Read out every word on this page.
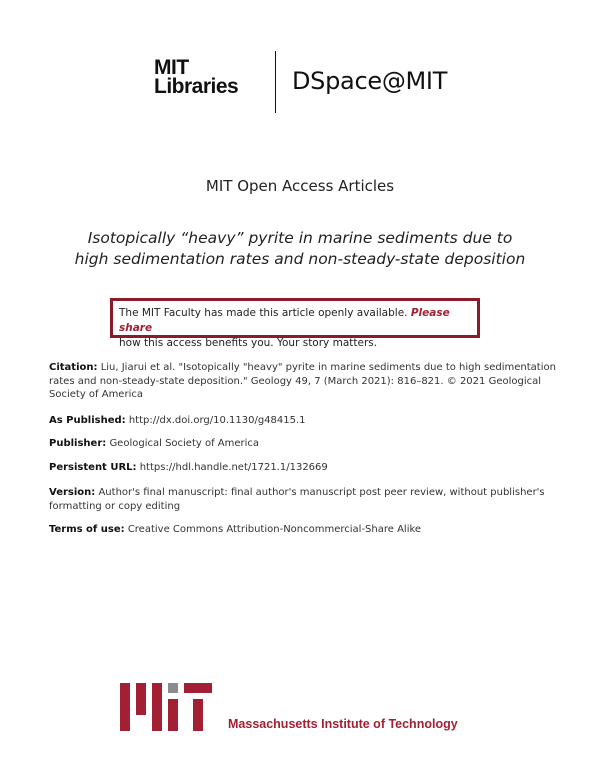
MIT
Libraries DSpace@MIT
MIT Open Access Articles
Isotopically “heavy” pyrite in marine sediments due to
high sedimentation rates and non-steady-state deposition
The MIT Faculty has made this article openly available. Please share
how this access benefits you. Your story matters.
Citation: Liu, Jiarui et al. "Isotopically "heavy" pyrite in marine sediments due to high sedimentation rates and non-steady-state deposition." Geology 49, 7 (March 2021): 816–821. © 2021 Geological Society of America
As Published: http://dx.doi.org/10.1130/g48415.1
Publisher: Geological Society of America
Persistent URL: https://hdl.handle.net/1721.1/132669
Version: Author's final manuscript: final author's manuscript post peer review, without publisher's formatting or copy editing
Terms of use: Creative Commons Attribution-Noncommercial-Share Alike
Massachusetts Institute of Technology
